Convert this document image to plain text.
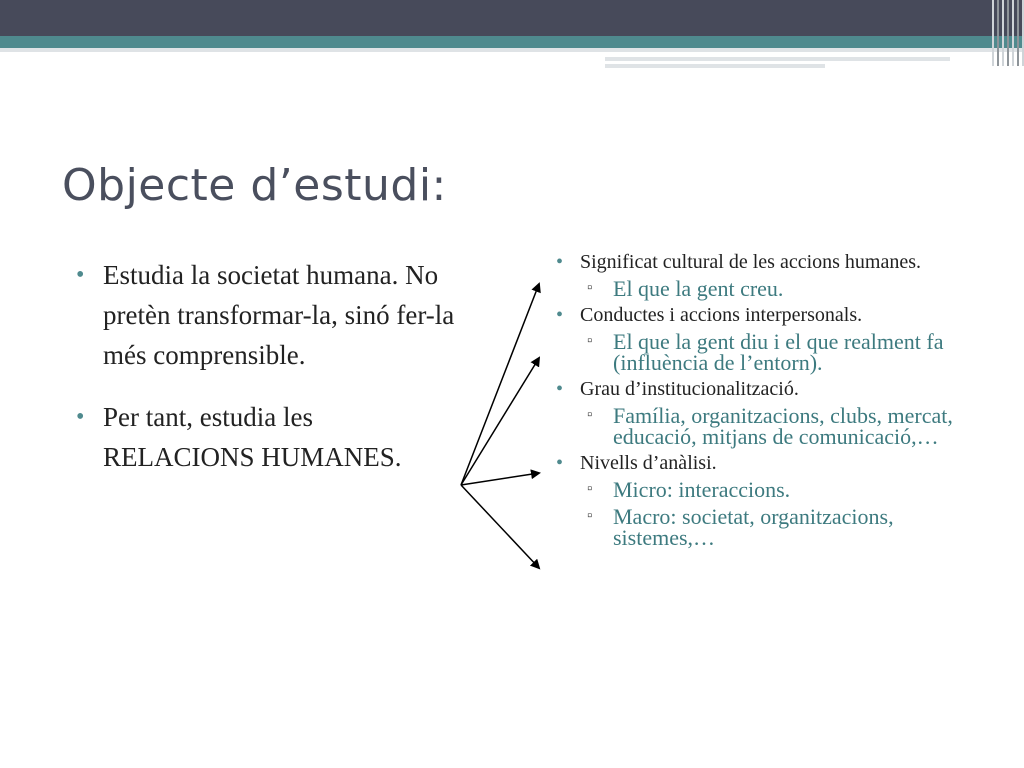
Objecte d’estudi:
• Estudia la societat humana. No pretèn transformar-la, sinó fer-la més comprensible.
• Per tant, estudia les RELACIONS HUMANES.
• Significat cultural de les accions humanes.
▫ El que la gent creu.
• Conductes i accions interpersonals.
▫ El que la gent diu i el que realment fa (influència de l’entorn).
• Grau d’institucionalització.
▫ Família, organitzacions, clubs, mercat, educació, mitjans de comunicació,…
• Nivells d’anàlisi.
▫ Micro: interaccions.
▫ Macro: societat, organitzacions, sistemes,…
